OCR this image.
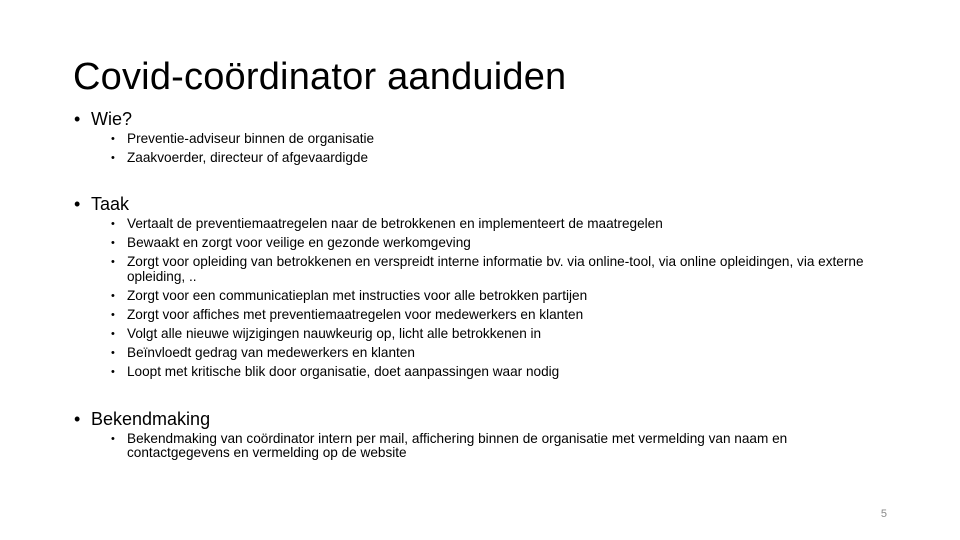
Covid-coördinator aanduiden
• Wie?
• Preventie-adviseur binnen de organisatie
• Zaakvoerder, directeur of afgevaardigde
• Taak
• Vertaalt de preventiemaatregelen naar de betrokkenen en implementeert de maatregelen
• Bewaakt en zorgt voor veilige en gezonde werkomgeving
• Zorgt voor opleiding van betrokkenen en verspreidt interne informatie bv. via online-tool, via online opleidingen, via externe opleiding, ..
• Zorgt voor een communicatieplan met instructies voor alle betrokken partijen
• Zorgt voor affiches met preventiemaatregelen voor medewerkers en klanten
• Volgt alle nieuwe wijzigingen nauwkeurig op, licht alle betrokkenen in
• Beïnvloedt gedrag van medewerkers en klanten
• Loopt met kritische blik door organisatie, doet aanpassingen waar nodig
• Bekendmaking
• Bekendmaking van coördinator intern per mail, affichering binnen de organisatie met vermelding van naam en contactgegevens en vermelding op de website
5
